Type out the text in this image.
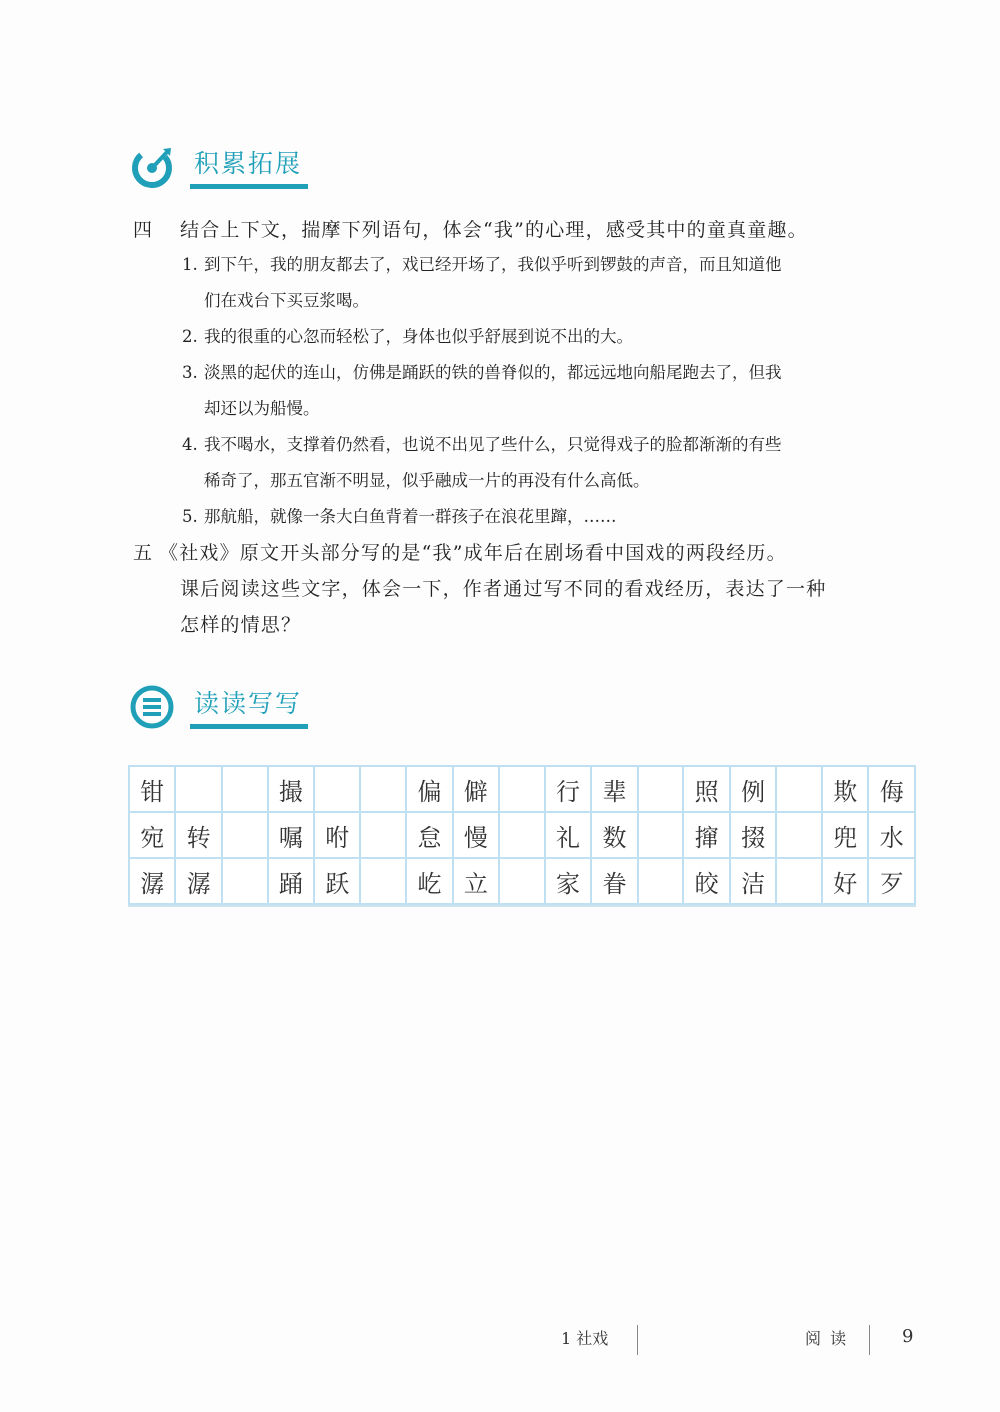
积累拓展
四 结合上下文，揣摩下列语句，体会“我”的心理，感受其中的童真童趣。
1. 到下午，我的朋友都去了，戏已经开场了，我似乎听到锣鼓的声音，而且知道他
们在戏台下买豆浆喝。
2. 我的很重的心忽而轻松了，身体也似乎舒展到说不出的大。
3. 淡黑的起伏的连山，仿佛是踊跃的铁的兽脊似的，都远远地向船尾跑去了，但我
却还以为船慢。
4. 我不喝水，支撑着仍然看，也说不出见了些什么，只觉得戏子的脸都渐渐的有些
稀奇了，那五官渐不明显，似乎融成一片的再没有什么高低。
5. 那航船，就像一条大白鱼背着一群孩子在浪花里蹿，……
五 《社戏》原文开头部分写的是“我”成年后在剧场看中国戏的两段经历。
课后阅读这些文字，体会一下，作者通过写不同的看戏经历，表达了一种
怎样的情思？
读读写写
钳			撮			偏	僻		行	辈		照	例		欺	侮
宛	转		嘱	咐		怠	慢		礼	数		撺	掇		兜	水
潺	潺		踊	跃		屹	立		家	眷		皎	洁		好	歹
1 社戏	阅 读	9
